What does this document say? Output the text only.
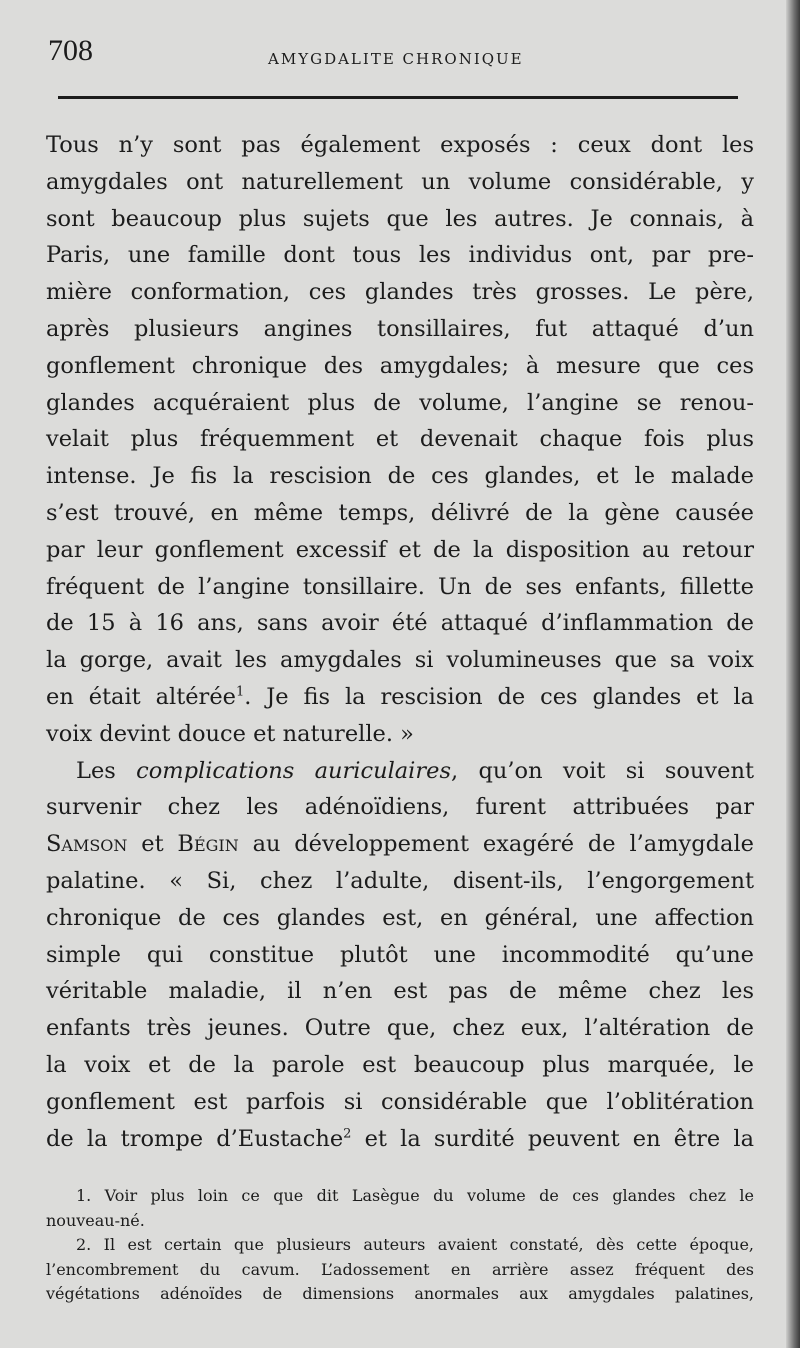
708	AMYGDALITE CHRONIQUE
Tous n’y sont pas également exposés : ceux dont les
amygdales ont naturellement un volume considérable, y
sont beaucoup plus sujets que les autres. Je connais, à
Paris, une famille dont tous les individus ont, par pre-
mière conformation, ces glandes très grosses. Le père,
après plusieurs angines tonsillaires, fut attaqué d’un
gonflement chronique des amygdales; à mesure que ces
glandes acquéraient plus de volume, l’angine se renou-
velait plus fréquemment et devenait chaque fois plus
intense. Je fis la rescision de ces glandes, et le malade
s’est trouvé, en même temps, délivré de la gène causée
par leur gonflement excessif et de la disposition au retour
fréquent de l’angine tonsillaire. Un de ses enfants, fillette
de 15 à 16 ans, sans avoir été attaqué d’inflammation de
la gorge, avait les amygdales si volumineuses que sa voix
en était altérée$^1$. Je fis la rescision de ces glandes et la
voix devint douce et naturelle. »
Les complications auriculaires, qu’on voit si souvent
survenir chez les adénoïdiens, furent attribuées par
Samson et Bégin au développement exagéré de l’amygdale
palatine. « Si, chez l’adulte, disent-ils, l’engorgement
chronique de ces glandes est, en général, une affection
simple qui constitue plutôt une incommodité qu’une
véritable maladie, il n’en est pas de même chez les
enfants très jeunes. Outre que, chez eux, l’altération de
la voix et de la parole est beaucoup plus marquée, le
gonflement est parfois si considérable que l’oblitération
de la trompe d’Eustache$^2$ et la surdité peuvent en être la
1. Voir plus loin ce que dit Lasègue du volume de ces glandes chez le
nouveau-né.
2. Il est certain que plusieurs auteurs avaient constaté, dès cette époque,
l’encombrement du cavum. L’adossement en arrière assez fréquent des
végétations adénoïdes de dimensions anormales aux amygdales palatines,
